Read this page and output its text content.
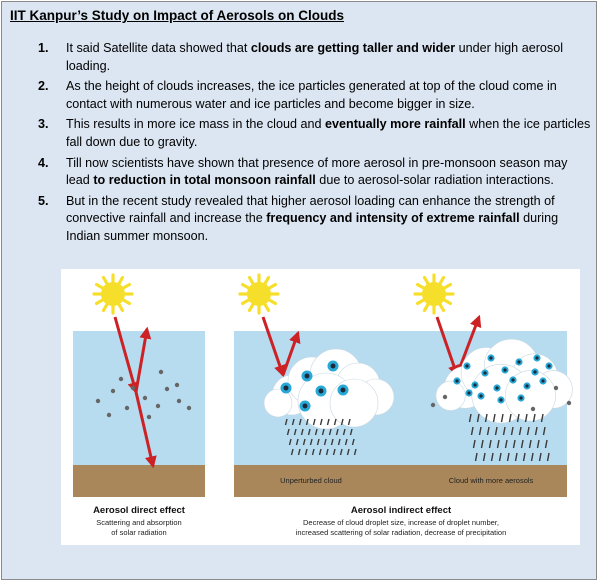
IIT Kanpur’s Study on Impact of Aerosols on Clouds
1. It said Satellite data showed that clouds are getting taller and wider under high aerosol loading.
2. As the height of clouds increases, the ice particles generated at top of the cloud come in contact with numerous water and ice particles and become bigger in size.
3. This results in more ice mass in the cloud and eventually more rainfall when the ice particles fall down due to gravity.
4. Till now scientists have shown that presence of more aerosol in pre-monsoon season may lead to reduction in total monsoon rainfall due to aerosol-solar radiation interactions.
5. But in the recent study revealed that higher aerosol loading can enhance the strength of convective rainfall and increase the frequency and intensity of extreme rainfall during Indian summer monsoon.
Unperturbed cloud	Cloud with more aerosols
Aerosol direct effect
Scattering and absorption
of solar radiation
Aerosol indirect effect
Decrease of cloud droplet size, increase of droplet number,
increased scattering of solar radiation, decrease of precipitation
